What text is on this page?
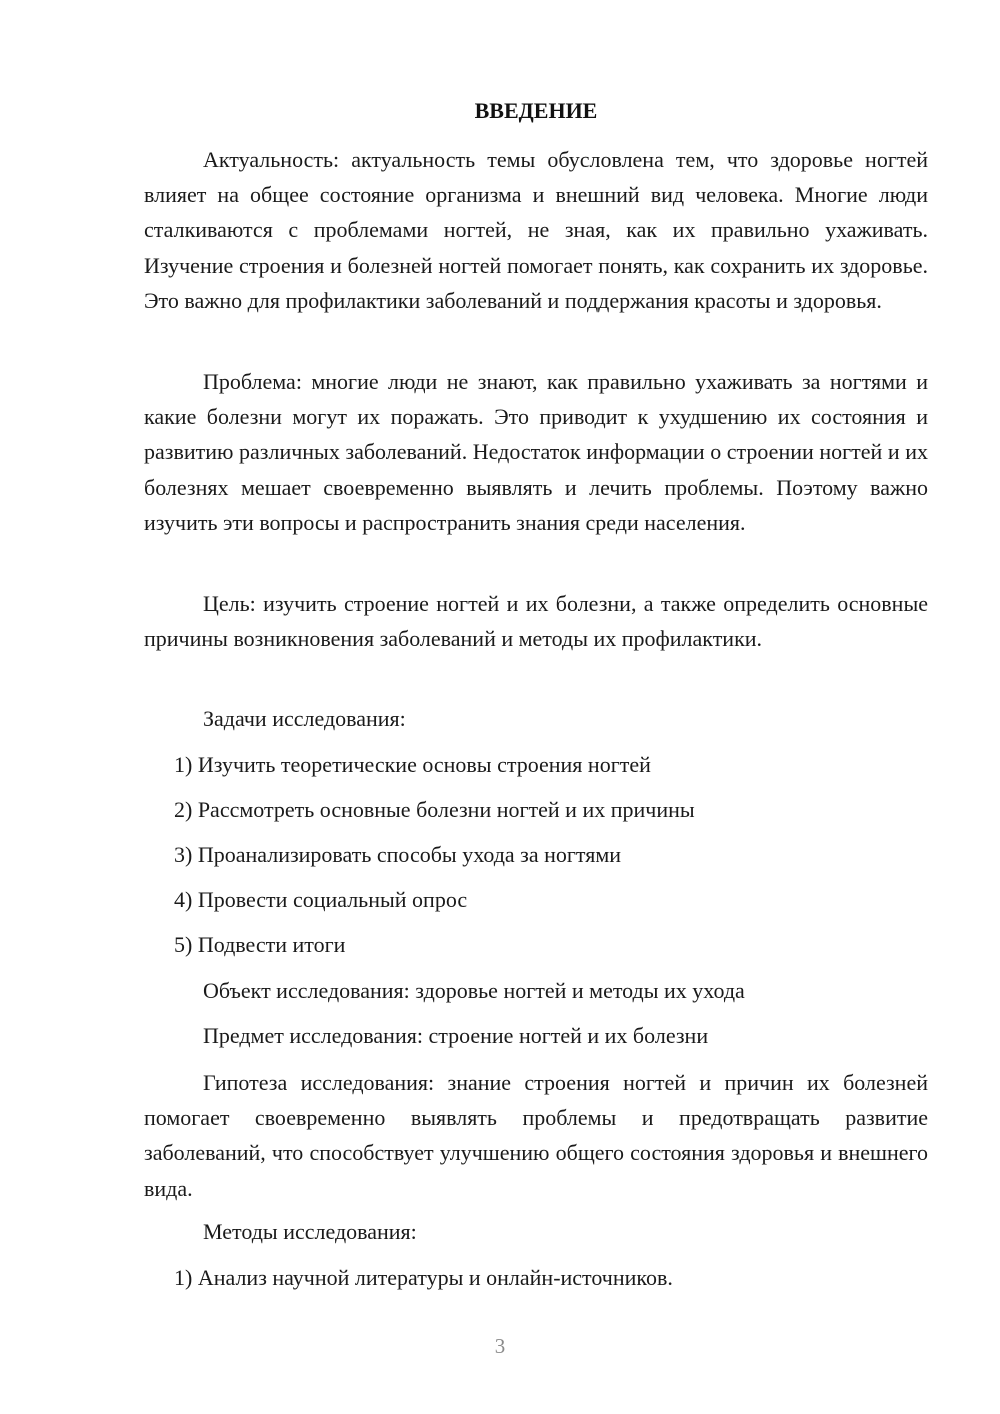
ВВЕДЕНИЕ

Актуальность: актуальность темы обусловлена тем, что здоровье ногтей влияет на общее состояние организма и внешний вид человека. Многие люди сталкиваются с проблемами ногтей, не зная, как их правильно ухаживать. Изучение строения и болезней ногтей помогает понять, как сохранить их здоровье. Это важно для профилактики заболеваний и поддержания красоты и здоровья.

Проблема: многие люди не знают, как правильно ухаживать за ногтями и какие болезни могут их поражать. Это приводит к ухудшению их состояния и развитию различных заболеваний. Недостаток информации о строении ногтей и их болезнях мешает своевременно выявлять и лечить проблемы. Поэтому важно изучить эти вопросы и распространить знания среди населения.

Цель: изучить строение ногтей и их болезни, а также определить основные причины возникновения заболеваний и методы их профилактики.

Задачи исследования:

1) Изучить теоретические основы строения ногтей

2) Рассмотреть основные болезни ногтей и их причины

3) Проанализировать способы ухода за ногтями

4) Провести социальный опрос

5) Подвести итоги

Объект исследования: здоровье ногтей и методы их ухода

Предмет исследования: строение ногтей и их болезни

Гипотеза исследования: знание строения ногтей и причин их болезней помогает своевременно выявлять проблемы и предотвращать развитие заболеваний, что способствует улучшению общего состояния здоровья и внешнего вида.

Методы исследования:

1) Анализ научной литературы и онлайн-источников.

3
